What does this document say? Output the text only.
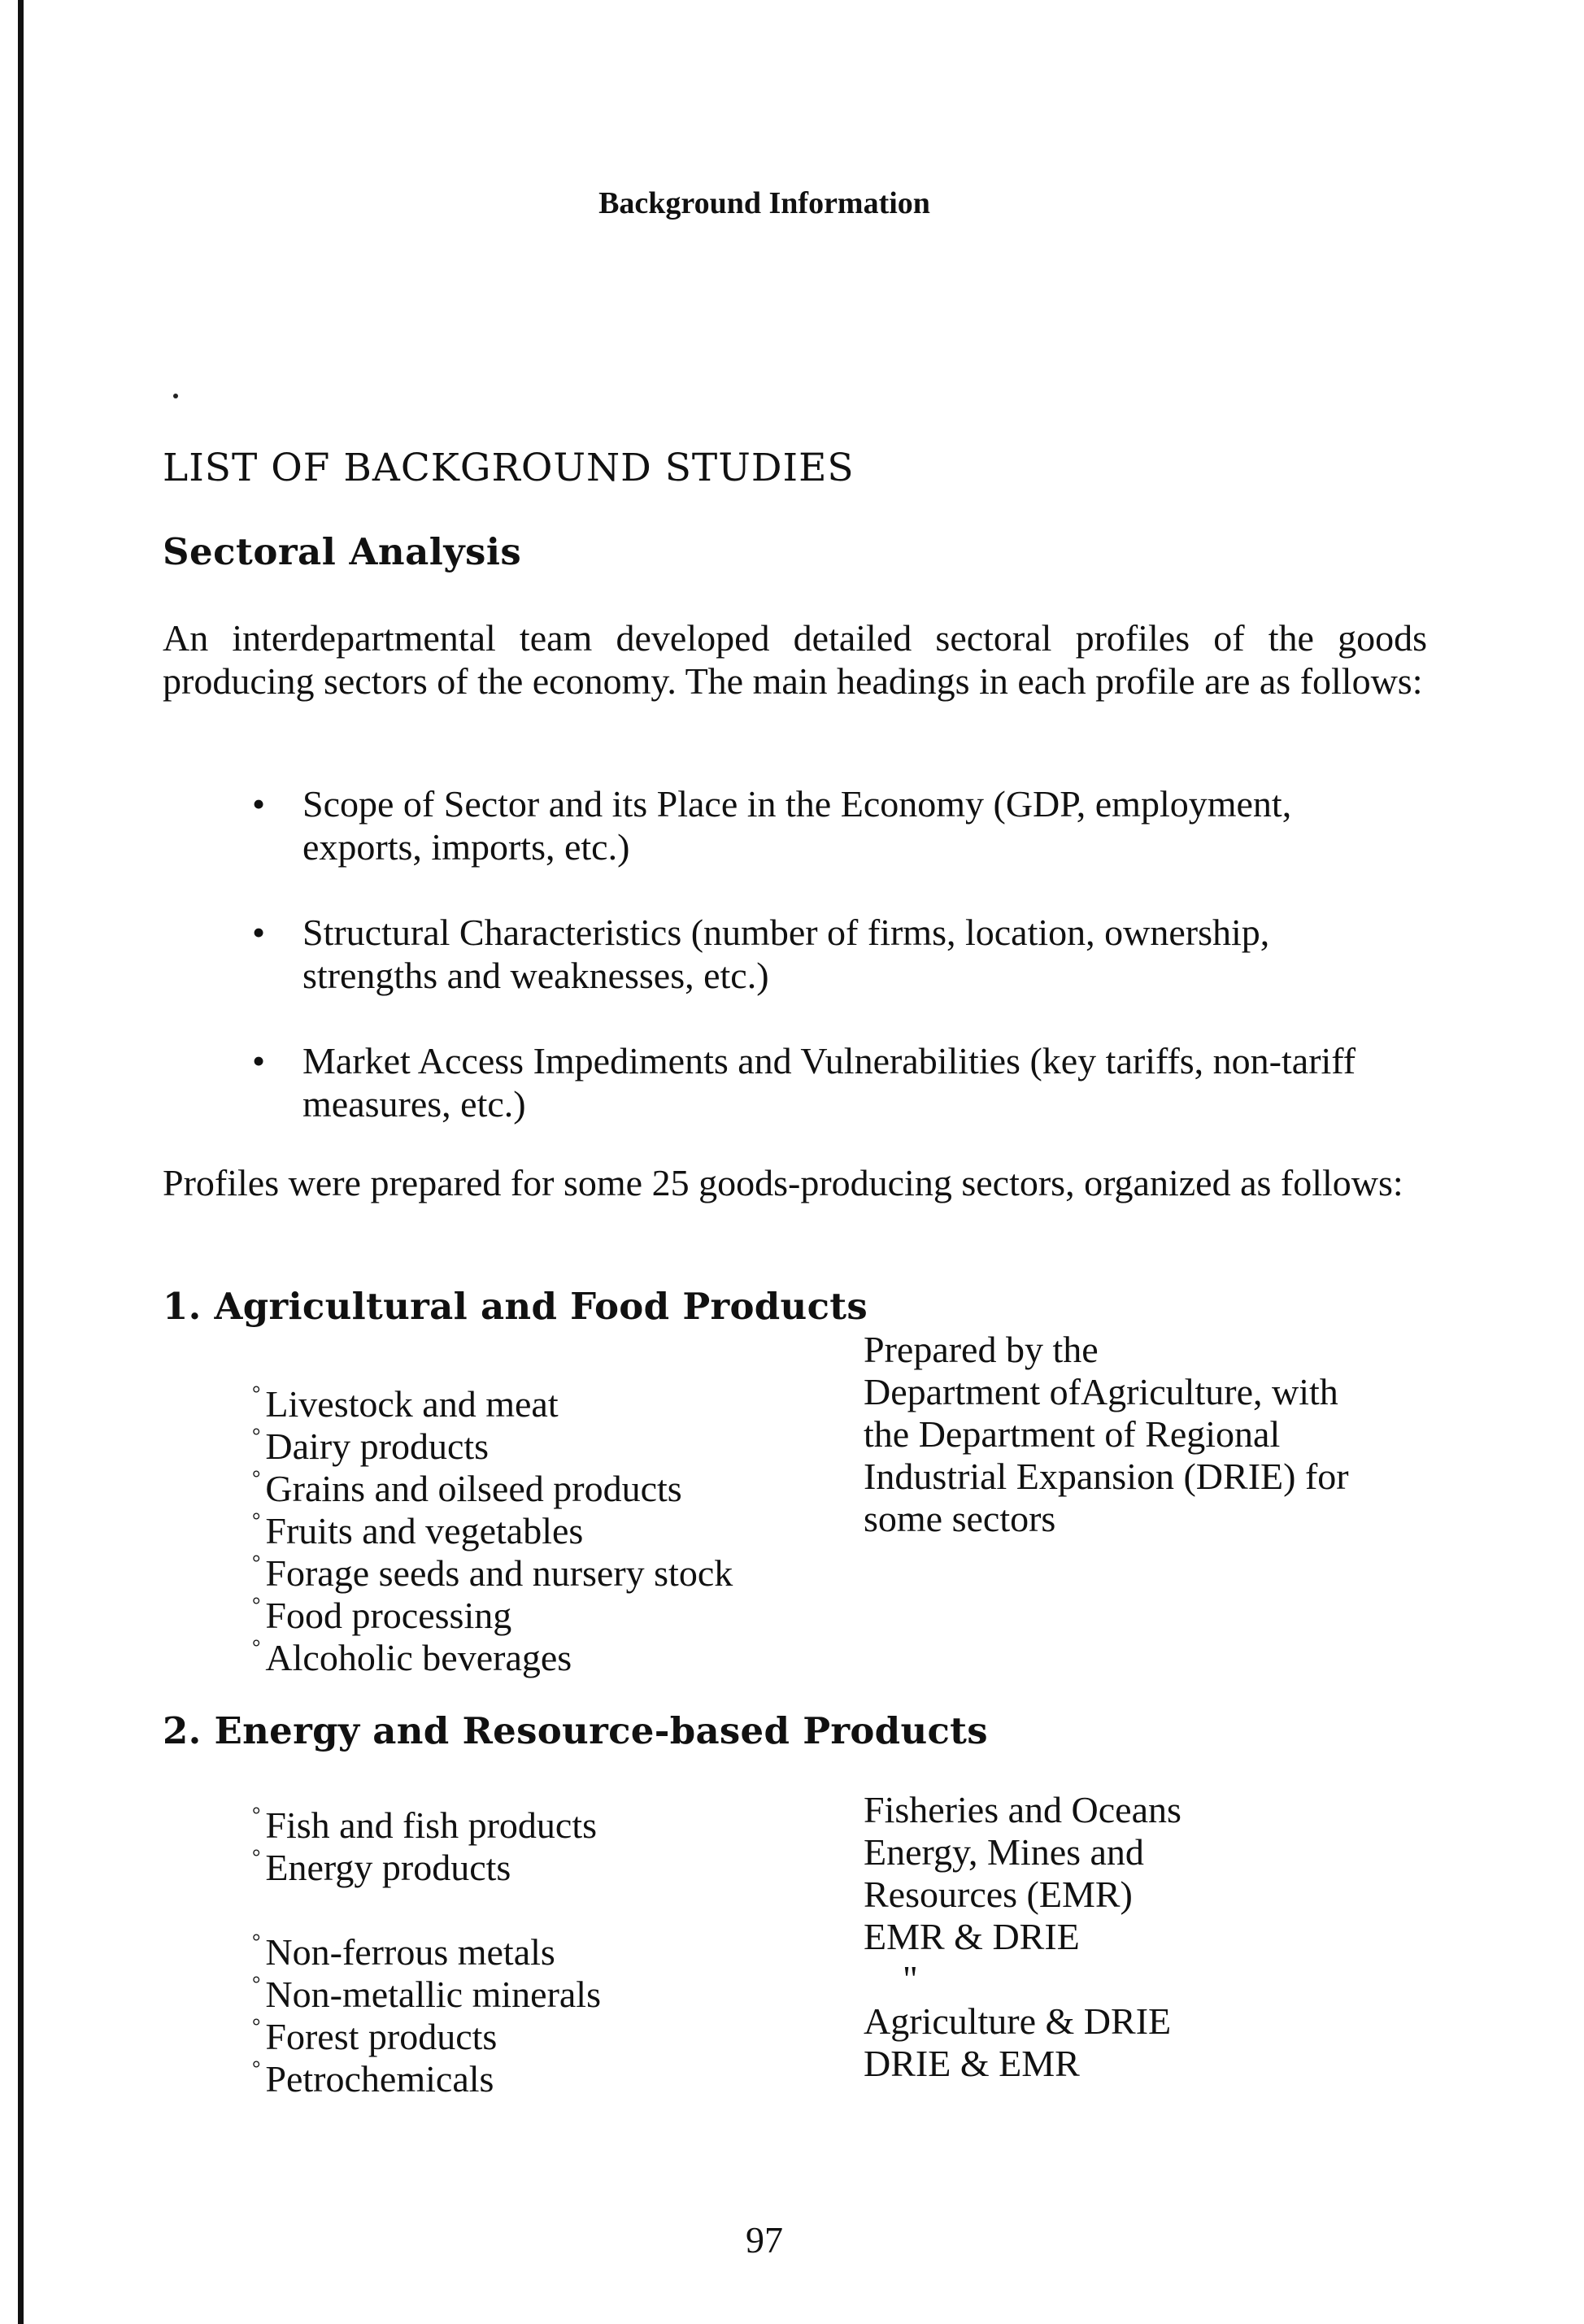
Background Information

LIST OF BACKGROUND STUDIES
Sectoral Analysis

An interdepartmental team developed detailed sectoral profiles of the goods producing sectors of the economy. The main headings in each profile are as follows:

• Scope of Sector and its Place in the Economy (GDP, employment, exports, imports, etc.)
• Structural Characteristics (number of firms, location, ownership, strengths and weaknesses, etc.)
• Market Access Impediments and Vulnerabilities (key tariffs, non-tariff measures, etc.)

Profiles were prepared for some 25 goods-producing sectors, organized as follows:

1. Agricultural and Food Products
° Livestock and meat
° Dairy products
° Grains and oilseed products
° Fruits and vegetables
° Forage seeds and nursery stock
° Food processing
° Alcoholic beverages
Prepared by the
Department ofAgriculture, with
the Department of Regional
Industrial Expansion (DRIE) for
some sectors
2. Energy and Resource-based Products
° Fish and fish products
° Energy products
° Non-ferrous metals
° Non-metallic minerals
° Forest products
° Petrochemicals
Fisheries and Oceans
Energy, Mines and
Resources (EMR)
EMR & DRIE
"
Agriculture & DRIE
DRIE & EMR

97
